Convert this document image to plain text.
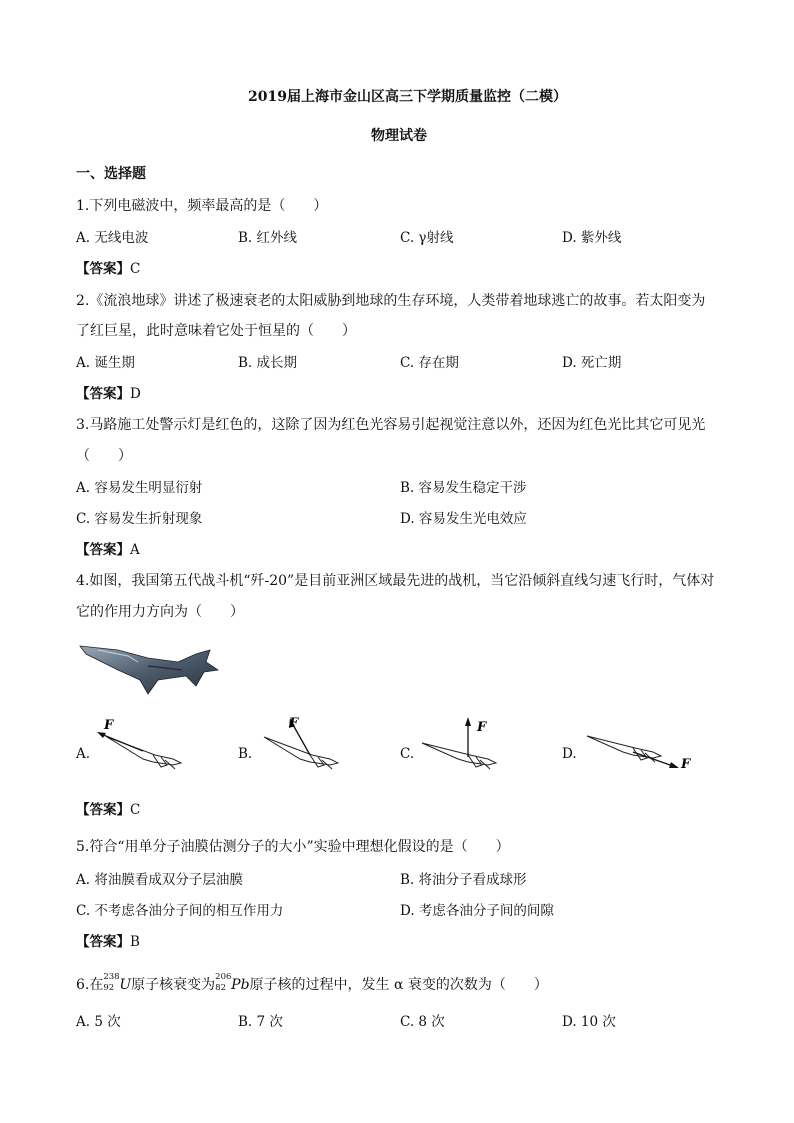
2019届上海市金山区高三下学期质量监控（二模）
物理试卷
一、选择题
1.下列电磁波中，频率最高的是（　　）
A. 无线电波	B. 红外线	C. γ射线	D. 紫外线
【答案】C
2.《流浪地球》讲述了极速衰老的太阳威胁到地球的生存环境，人类带着地球逃亡的故事。若太阳变为
了红巨星，此时意味着它处于恒星的（　　）
A. 诞生期	B. 成长期	C. 存在期	D. 死亡期
【答案】D
3.马路施工处警示灯是红色的，这除了因为红色光容易引起视觉注意以外，还因为红色光比其它可见光
（　　）
A. 容易发生明显衍射	B. 容易发生稳定干涉
C. 容易发生折射现象	D. 容易发生光电效应
【答案】A
4.如图，我国第五代战斗机“歼-20”是目前亚洲区域最先进的战机，当它沿倾斜直线匀速飞行时，气体对
它的作用力方向为（　　）
A.	B.	C.	D.
F	F	F
F
【答案】C
5.符合“用单分子油膜估测分子的大小”实验中理想化假设的是（　　）
A. 将油膜看成双分子层油膜	B. 将油分子看成球形
C. 不考虑各油分子间的相互作用力	D. 考虑各油分子间的间隙
【答案】B
6.在 238
92 U原子核衰变为 206
82 Pb原子核的过程中，发生 α 衰变的次数为（　　）
A. 5 次	B. 7 次	C. 8 次	D. 10 次
